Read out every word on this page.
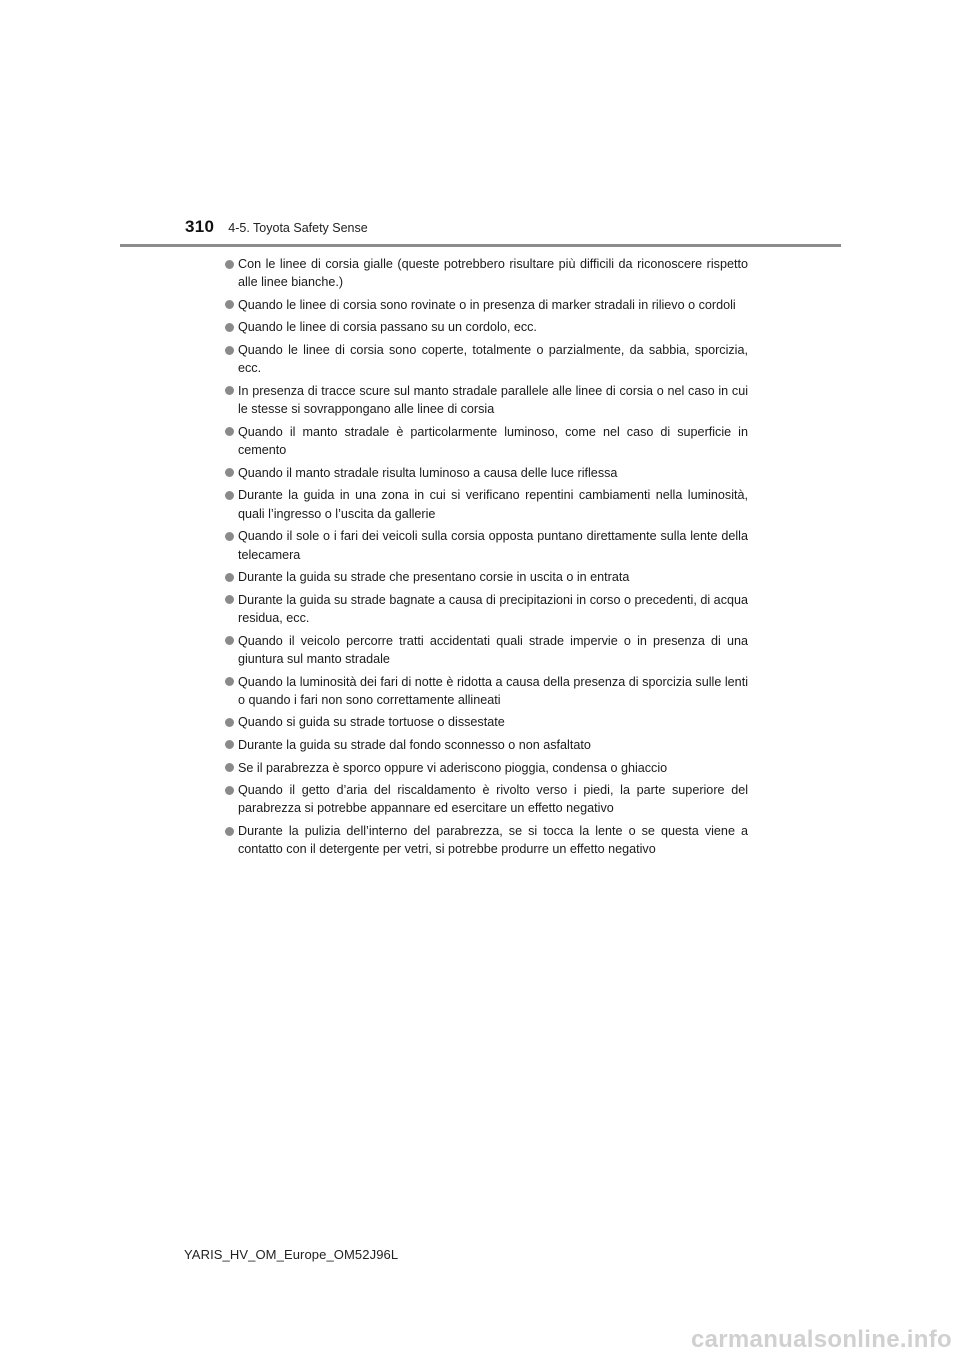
310 4-5. Toyota Safety Sense
Con le linee di corsia gialle (queste potrebbero risultare più difficili da riconoscere rispetto alle linee bianche.)
Quando le linee di corsia sono rovinate o in presenza di marker stradali in rilievo o cordoli
Quando le linee di corsia passano su un cordolo, ecc.
Quando le linee di corsia sono coperte, totalmente o parzialmente, da sabbia, sporcizia, ecc.
In presenza di tracce scure sul manto stradale parallele alle linee di corsia o nel caso in cui le stesse si sovrappongano alle linee di corsia
Quando il manto stradale è particolarmente luminoso, come nel caso di superficie in cemento
Quando il manto stradale risulta luminoso a causa delle luce riflessa
Durante la guida in una zona in cui si verificano repentini cambiamenti nella luminosità, quali l’ingresso o l’uscita da gallerie
Quando il sole o i fari dei veicoli sulla corsia opposta puntano direttamente sulla lente della telecamera
Durante la guida su strade che presentano corsie in uscita o in entrata
Durante la guida su strade bagnate a causa di precipitazioni in corso o precedenti, di acqua residua, ecc.
Quando il veicolo percorre tratti accidentati quali strade impervie o in presenza di una giuntura sul manto stradale
Quando la luminosità dei fari di notte è ridotta a causa della presenza di sporcizia sulle lenti o quando i fari non sono correttamente allineati
Quando si guida su strade tortuose o dissestate
Durante la guida su strade dal fondo sconnesso o non asfaltato
Se il parabrezza è sporco oppure vi aderiscono pioggia, condensa o ghiaccio
Quando il getto d’aria del riscaldamento è rivolto verso i piedi, la parte superiore del parabrezza si potrebbe appannare ed esercitare un effetto negativo
Durante la pulizia dell’interno del parabrezza, se si tocca la lente o se questa viene a contatto con il detergente per vetri, si potrebbe produrre un effetto negativo
YARIS_HV_OM_Europe_OM52J96L
carmanualsonline.info
